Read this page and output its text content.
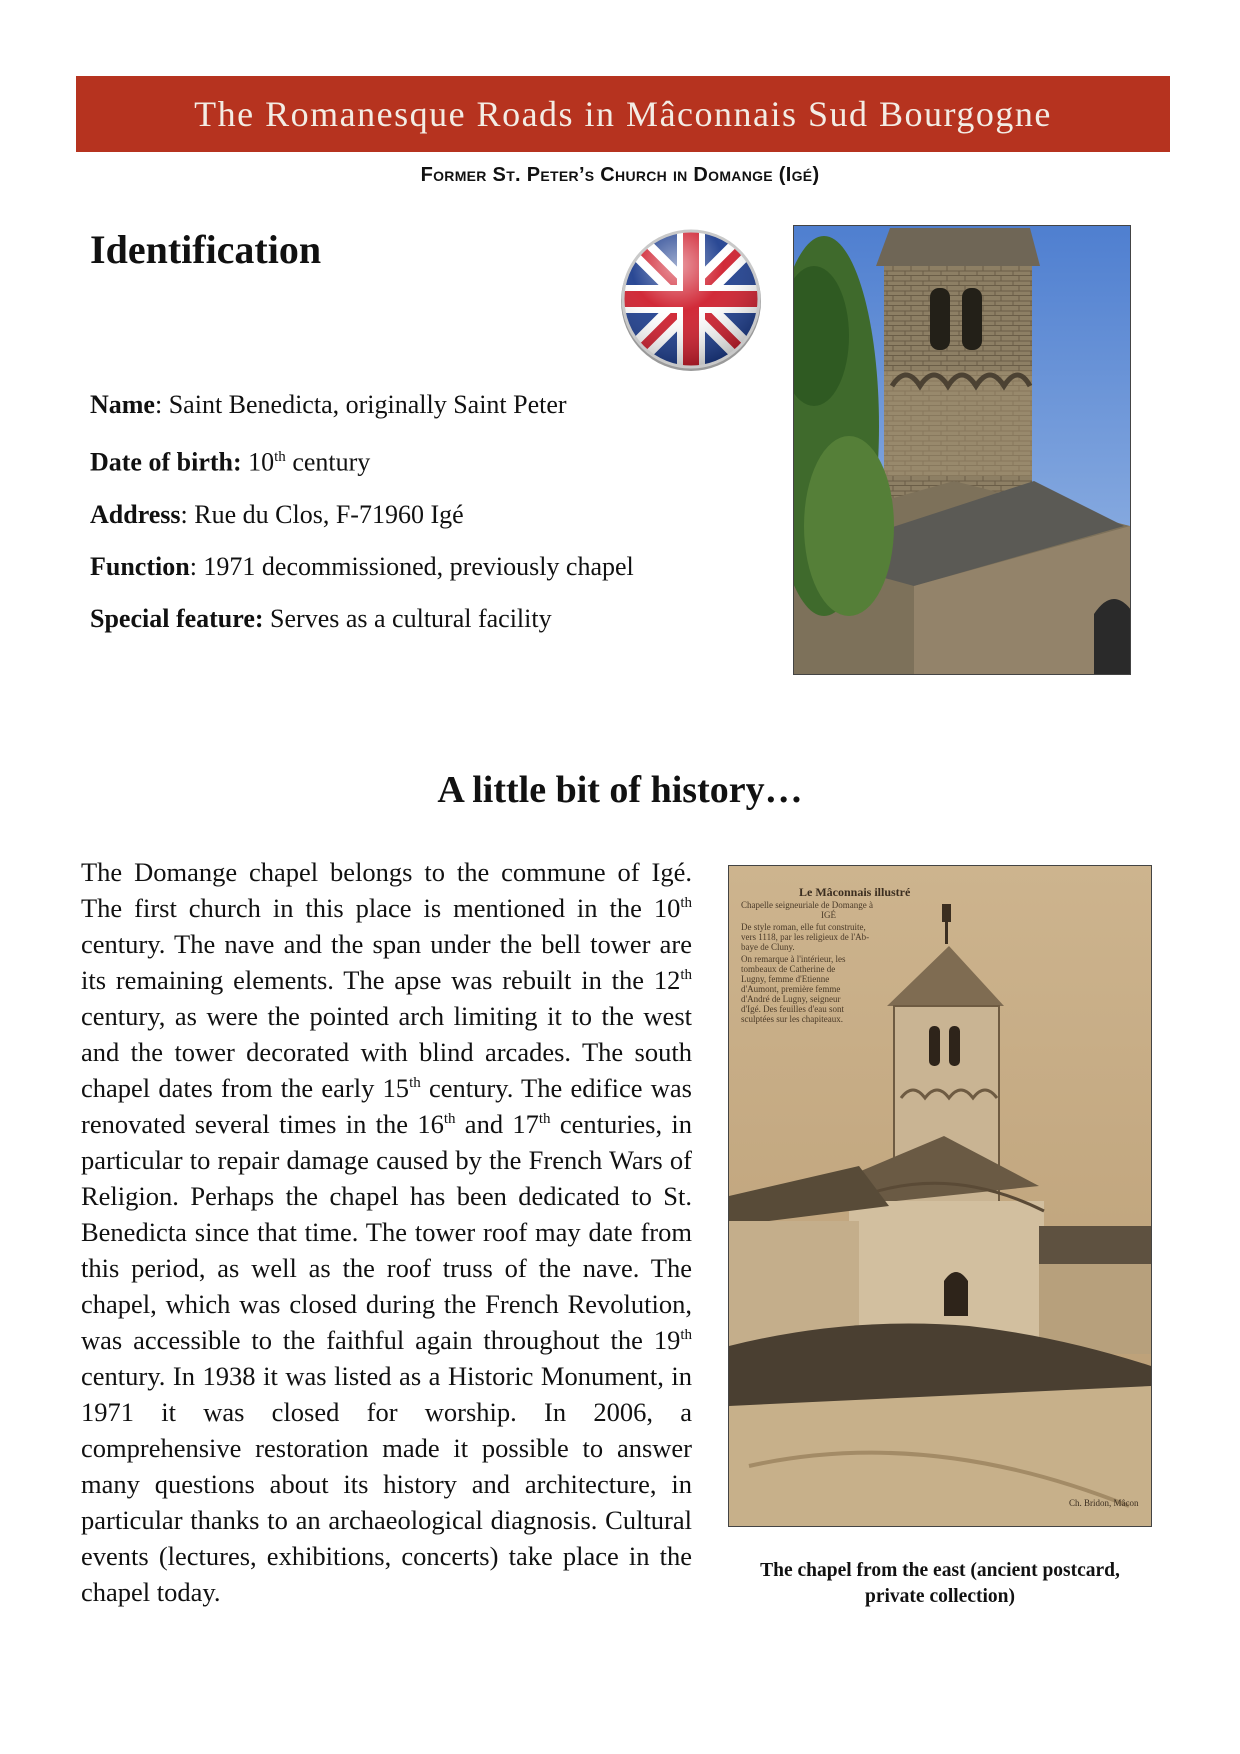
The Romanesque Roads in Mâconnais Sud Bourgogne
Former St. Peter’s Church in Domange (Igé)
Identification

Name: Saint Benedicta, originally Saint Peter

Date of birth: 10th century

Address: Rue du Clos, F-71960 Igé

Function: 1971 decommissioned, previously chapel

Special feature: Serves as a cultural facility

A little bit of history…

The Domange chapel belongs to the commune of Igé. The first church in this place is mentioned in the 10th century. The nave and the span under the bell tower are its remaining elements. The apse was rebuilt in the 12th century, as were the pointed arch limiting it to the west and the tower decorated with blind arcades. The south chapel dates from the early 15th century. The edifice was renovated several times in the 16th and 17th centuries, in particular to repair damage caused by the French Wars of Religion. Perhaps the chapel has been dedicated to St. Benedicta since that time. The tower roof may date from this period, as well as the roof truss of the nave. The chapel, which was closed during the French Revolution, was accessible to the faithful again throughout the 19th century. In 1938 it was listed as a Historic Monument, in 1971 it was closed for worship. In 2006, a comprehensive restoration made it possible to answer many questions about its history and architecture, in particular thanks to an archaeological diagnosis. Cultural events (lectures, exhibitions, concerts) take place in the chapel today.

Le Mâconnais illustré
Chapelle seigneuriale de Domange à
IGÉ
De style roman, elle fut construite,
vers 1118, par les religieux de l'Ab-
baye de Cluny.
On remarque à l'intérieur, les
tombeaux de Catherine de
Lugny, femme d'Etienne
d'Aumont, première femme
d'André de Lugny, seigneur
d'Igé. Des feuilles d'eau sont
sculptées sur les chapiteaux.
Ch. Bridon, Mâcon
The chapel from the east (ancient postcard,
private collection)
